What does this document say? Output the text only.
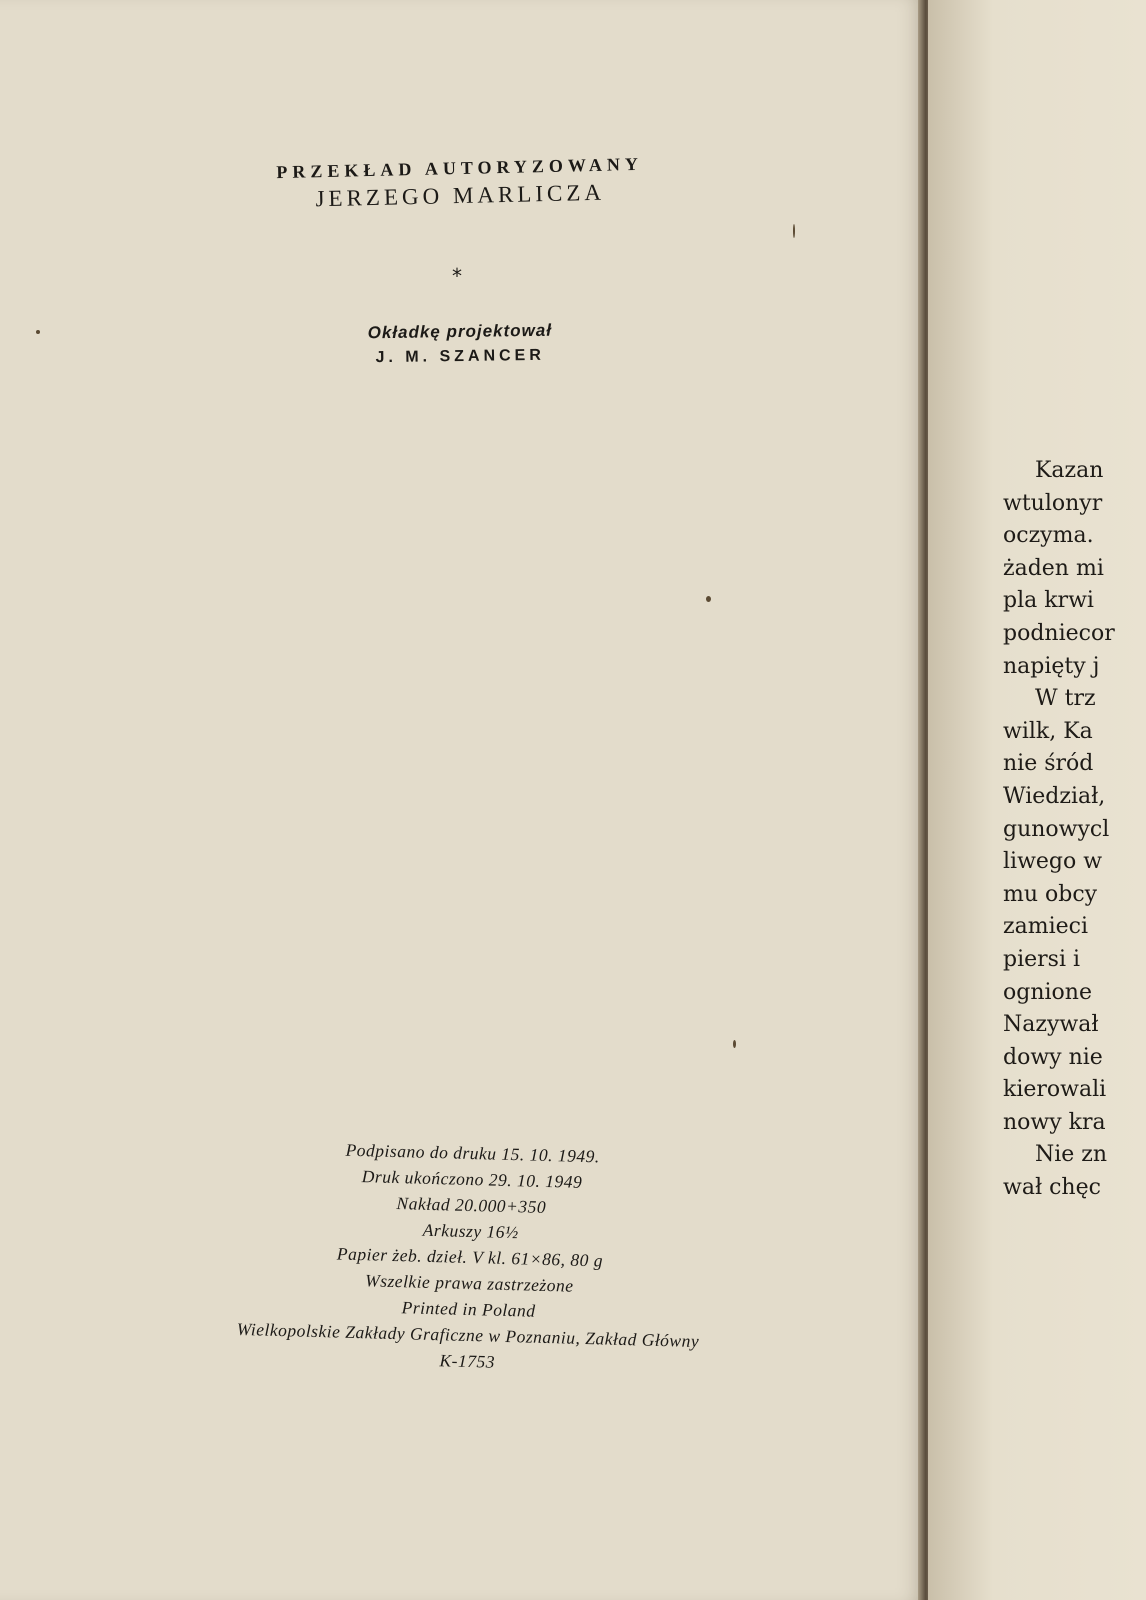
PRZEKŁAD AUTORYZOWANY
JERZEGO MARLICZA
*
Okładkę projektował
J. M. SZANCER
Podpisano do druku 15. 10. 1949.
Druk ukończono 29. 10. 1949
Nakład 20.000+350
Arkuszy 16½
Papier żeb. dzieł. V kl. 61×86, 80 g
Wszelkie prawa zastrzeżone
Printed in Poland
Wielkopolskie Zakłady Graficzne w Poznaniu, Zakład Główny
K-1753
Kazan
wtulonyr
oczyma.
żaden mi
pla krwi
podniecor
napięty j
W trz
wilk, Ka
nie śród
Wiedział,
gunowycl
liwego w
mu obcy
zamieci
piersi i
ognione
Nazywał
dowy nie
kierowali
nowy kra
Nie zn
wał chęc
